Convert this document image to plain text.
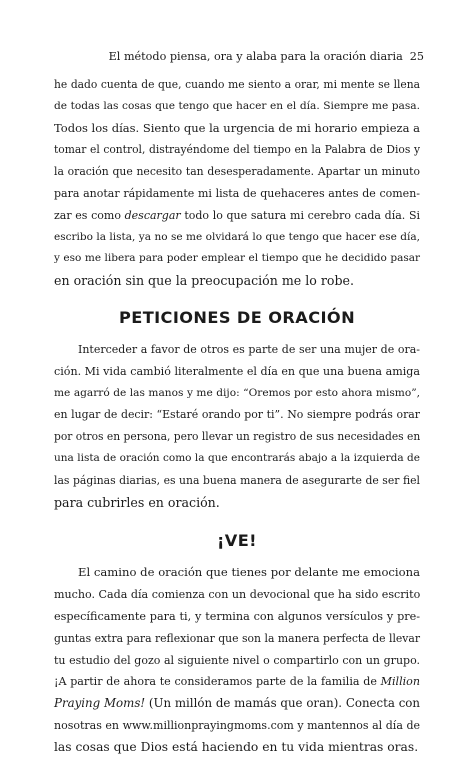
El método piensa, ora y alaba para la oración diaria 25
he dado cuenta de que, cuando me siento a orar, mi mente se llena
de todas las cosas que tengo que hacer en el día. Siempre me pasa.
Todos los días. Siento que la urgencia de mi horario empieza a
tomar el control, distrayéndome del tiempo en la Palabra de Dios y
la oración que necesito tan desesperadamente. Apartar un minuto
para anotar rápidamente mi lista de quehaceres antes de comen-
zar es como descargar todo lo que satura mi cerebro cada día. Si
escribo la lista, ya no se me olvidará lo que tengo que hacer ese día,
y eso me libera para poder emplear el tiempo que he decidido pasar
en oración sin que la preocupación me lo robe.
PETICIONES DE ORACIÓN
Interceder a favor de otros es parte de ser una mujer de ora-
ción. Mi vida cambió literalmente el día en que una buena amiga
me agarró de las manos y me dijo: “Oremos por esto ahora mismo”,
en lugar de decir: “Estaré orando por ti”. No siempre podrás orar
por otros en persona, pero llevar un registro de sus necesidades en
una lista de oración como la que encontrarás abajo a la izquierda de
las páginas diarias, es una buena manera de asegurarte de ser fiel
para cubrirles en oración.
¡VE!
El camino de oración que tienes por delante me emociona
mucho. Cada día comienza con un devocional que ha sido escrito
específicamente para ti, y termina con algunos versículos y pre-
guntas extra para reflexionar que son la manera perfecta de llevar
tu estudio del gozo al siguiente nivel o compartirlo con un grupo.
¡A partir de ahora te consideramos parte de la familia de Million
Praying Moms! (Un millón de mamás que oran). Conecta con
nosotras en www.millionprayingmoms.com y mantennos al día de
las cosas que Dios está haciendo en tu vida mientras oras.
